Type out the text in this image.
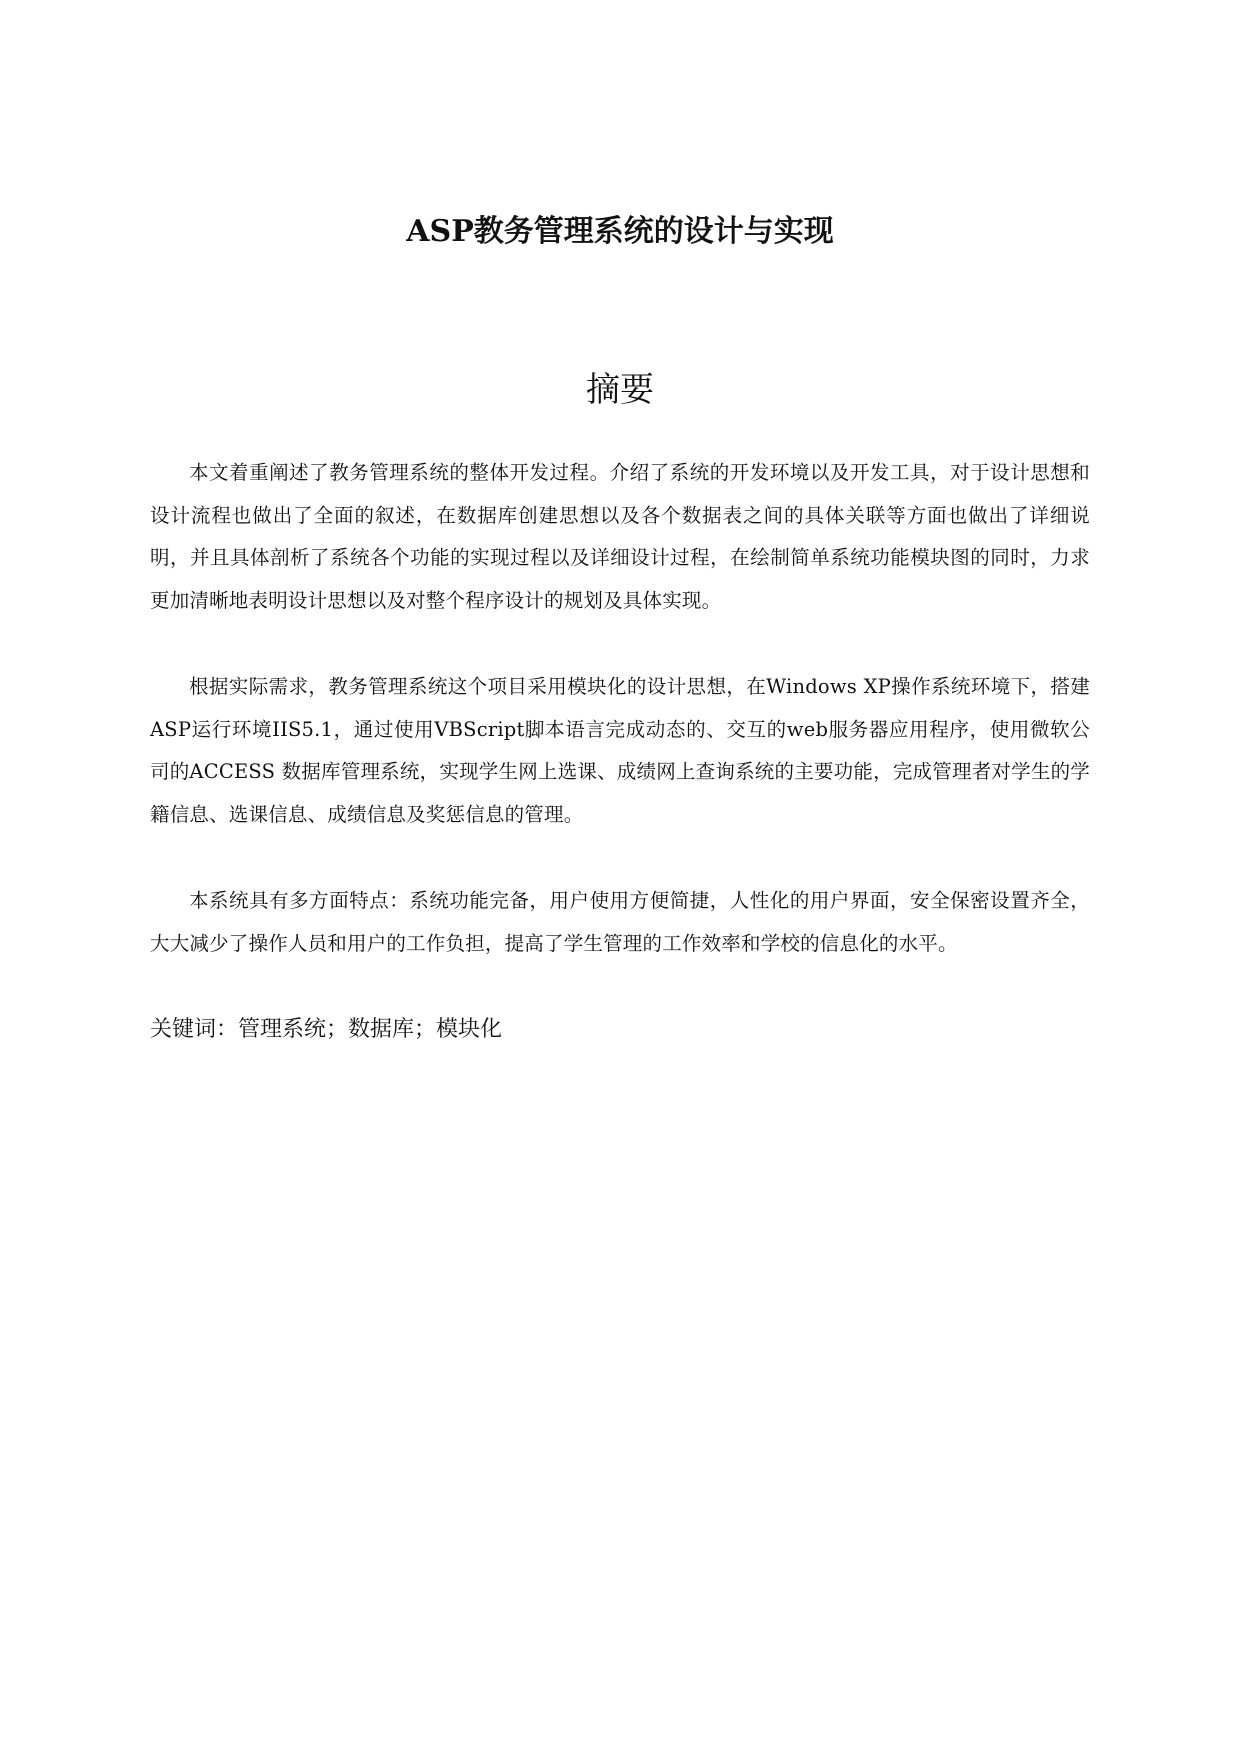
ASP教务管理系统的设计与实现
摘要

本文着重阐述了教务管理系统的整体开发过程。介绍了系统的开发环境以及开发工具，对于设计思想和设计流程也做出了全面的叙述，在数据库创建思想以及各个数据表之间的具体关联等方面也做出了详细说明，并且具体剖析了系统各个功能的实现过程以及详细设计过程，在绘制简单系统功能模块图的同时，力求更加清晰地表明设计思想以及对整个程序设计的规划及具体实现。

根据实际需求，教务管理系统这个项目采用模块化的设计思想，在Windows XP操作系统环境下，搭建ASP运行环境IIS5.1，通过使用VBScript脚本语言完成动态的、交互的web服务器应用程序，使用微软公司的ACCESS 数据库管理系统，实现学生网上选课、成绩网上查询系统的主要功能，完成管理者对学生的学籍信息、选课信息、成绩信息及奖惩信息的管理。

本系统具有多方面特点：系统功能完备，用户使用方便简捷，人性化的用户界面，安全保密设置齐全，大大减少了操作人员和用户的工作负担，提高了学生管理的工作效率和学校的信息化的水平。

关键词：管理系统；数据库；模块化
